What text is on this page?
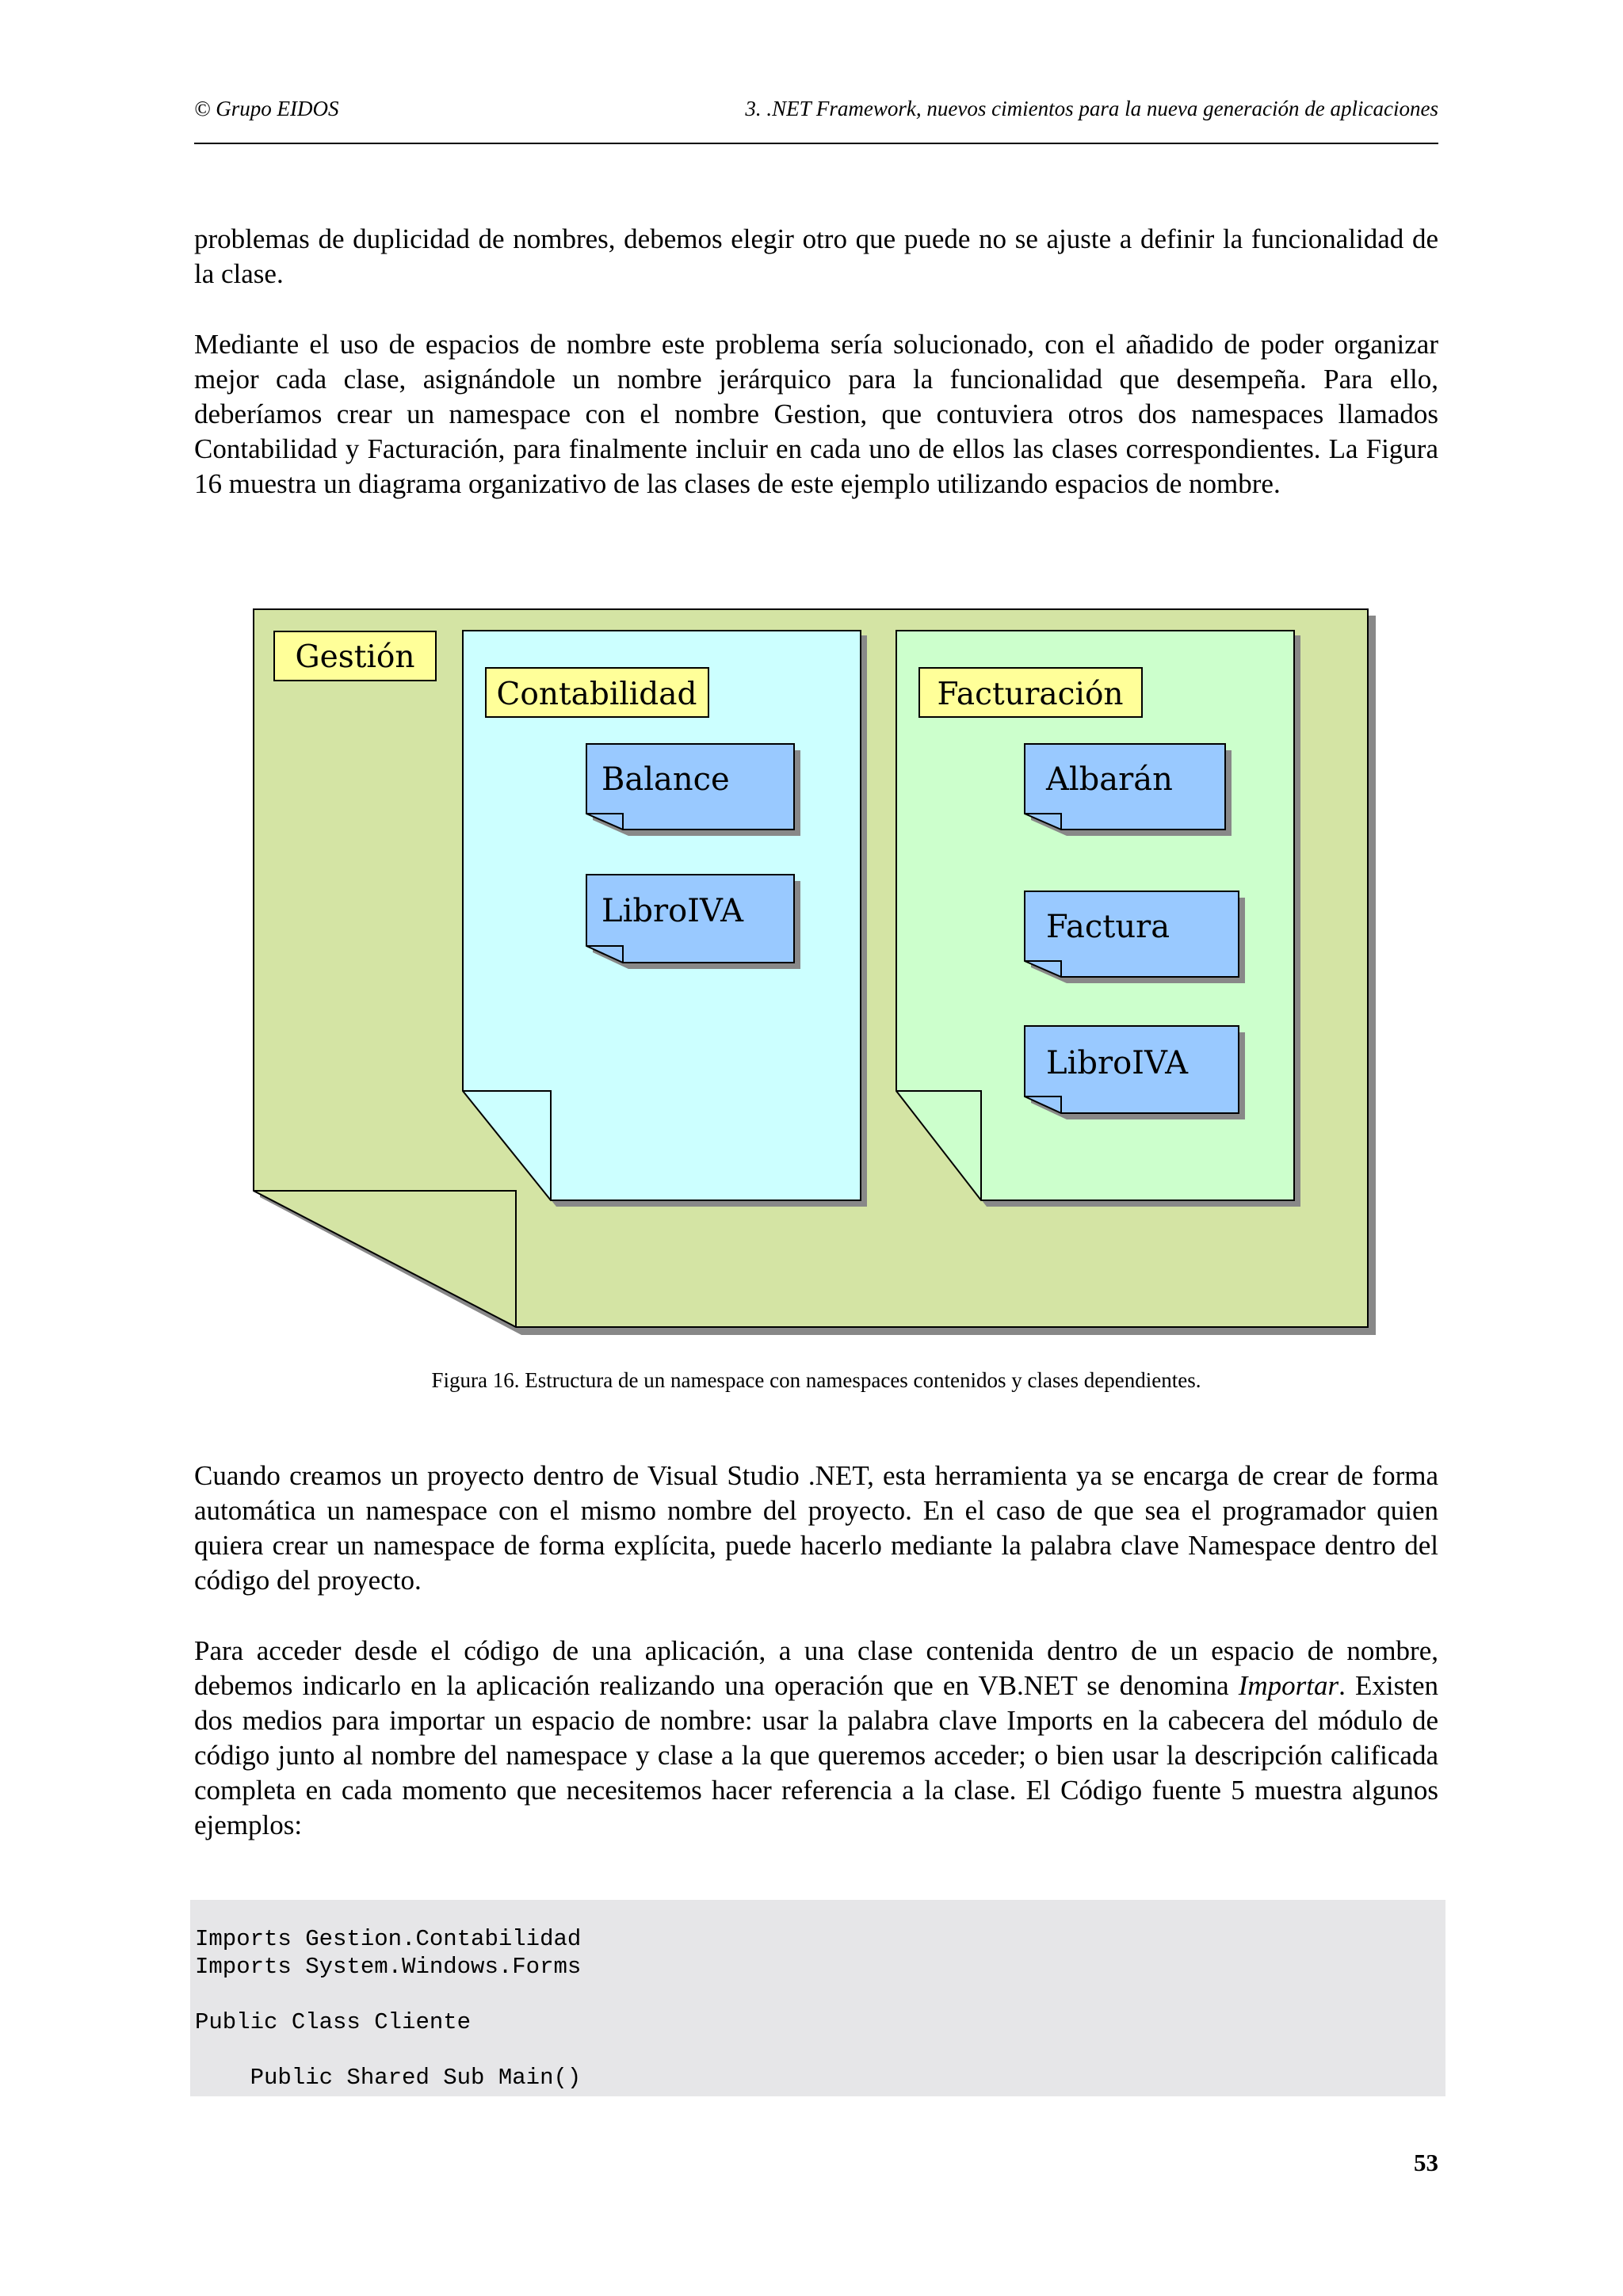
© Grupo EIDOS	3. .NET Framework, nuevos cimientos para la nueva generación de aplicaciones

problemas de duplicidad de nombres, debemos elegir otro que puede no se ajuste a definir la funcionalidad de la clase.

Mediante el uso de espacios de nombre este problema sería solucionado, con el añadido de poder organizar mejor cada clase, asignándole un nombre jerárquico para la funcionalidad que desempeña. Para ello, deberíamos crear un namespace con el nombre Gestion, que contuviera otros dos namespaces llamados Contabilidad y Facturación, para finalmente incluir en cada uno de ellos las clases correspondientes. La Figura 16 muestra un diagrama organizativo de las clases de este ejemplo utilizando espacios de nombre.

Gestión
Contabilidad	Facturación
Balance
LibroIVA
Albarán
Factura
LibroIVA
Figura 16. Estructura de un namespace con namespaces contenidos y clases dependientes.

Cuando creamos un proyecto dentro de Visual Studio .NET, esta herramienta ya se encarga de crear de forma automática un namespace con el mismo nombre del proyecto. En el caso de que sea el programador quien quiera crear un namespace de forma explícita, puede hacerlo mediante la palabra clave Namespace dentro del código del proyecto.

Para acceder desde el código de una aplicación, a una clase contenida dentro de un espacio de nombre, debemos indicarlo en la aplicación realizando una operación que en VB.NET se denomina Importar. Existen dos medios para importar un espacio de nombre: usar la palabra clave Imports en la cabecera del módulo de código junto al nombre del namespace y clase a la que queremos acceder; o bien usar la descripción calificada completa en cada momento que necesitemos hacer referencia a la clase. El Código fuente 5 muestra algunos ejemplos:

Imports Gestion.Contabilidad
Imports System.Windows.Forms
Public Class Cliente
Public Shared Sub Main()
53
